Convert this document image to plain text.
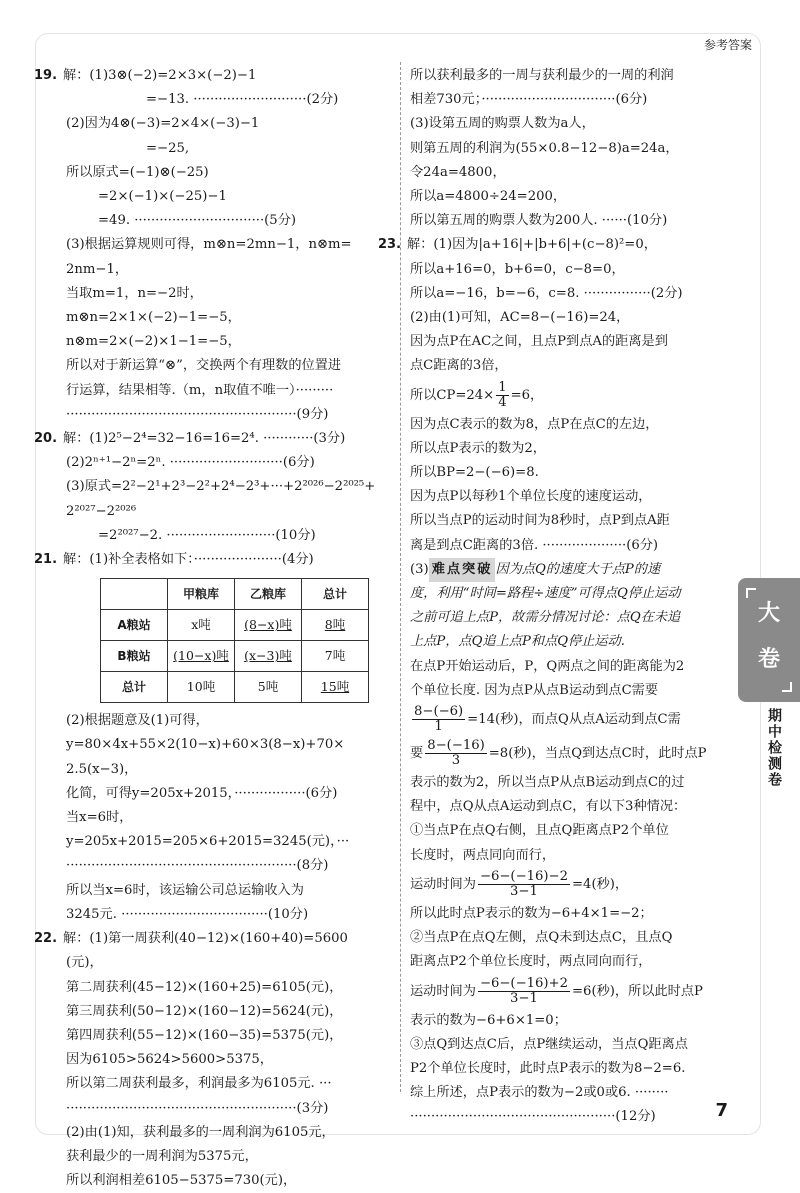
参考答案
19. 解：(1)3⊗(−2)=2×3×(−2)−1
=−13. ···························(2分)
(2)因为4⊗(−3)=2×4×(−3)−1
=−25,
所以原式=(−1)⊗(−25)
=2×(−1)×(−25)−1
=49. ·······························(5分)
(3)根据运算规则可得，m⊗n=2mn−1，n⊗m=
2nm−1，
当取m=1，n=−2时，
m⊗n=2×1×(−2)−1=−5，
n⊗m=2×(−2)×1−1=−5，
所以对于新运算“⊗”，交换两个有理数的位置进
行运算，结果相等.（m，n取值不唯一）·········
·······················································(9分)
20. 解：(1)2⁵−2⁴=32−16=16=2⁴. ············(3分)
(2)2ⁿ⁺¹−2ⁿ=2ⁿ. ···························(6分)
(3)原式=2²−2¹+2³−2²+2⁴−2³+···+2²⁰²⁶−2²⁰²⁵+
2²⁰²⁷−2²⁰²⁶
=2²⁰²⁷−2. ··························(10分)
21. 解：(1)补全表格如下：·····················(4分)
	甲粮库	乙粮库	总计
A粮站	x吨	(8−x)吨	8吨
B粮站	(10−x)吨	(x−3)吨	7吨
总计	10吨	5吨	15吨
(2)根据题意及(1)可得，
y=80×4x+55×2(10−x)+60×3(8−x)+70×
2.5(x−3)，
化简，可得y=205x+2015，·················(6分)
当x=6时，
y=205x+2015=205×6+2015=3245(元)，···
·······················································(8分)
所以当x=6时，该运输公司总运输收入为
3245元. ···································(10分)
22. 解：(1)第一周获利(40−12)×(160+40)=5600
(元)，
第二周获利(45−12)×(160+25)=6105(元)，
第三周获利(50−12)×(160−12)=5624(元)，
第四周获利(55−12)×(160−35)=5375(元)，
因为6105>5624>5600>5375，
所以第二周获利最多，利润最多为6105元. ···
·······················································(3分)
(2)由(1)知，获利最多的一周利润为6105元，
获利最少的一周利润为5375元，
所以利润相差6105−5375=730(元)，
所以获利最多的一周与获利最少的一周的利润
相差730元；································(6分)
(3)设第五周的购票人数为a人，
则第五周的利润为(55×0.8−12−8)a=24a，
令24a=4800，
所以a=4800÷24=200，
所以第五周的购票人数为200人. ······(10分)
23. 解：(1)因为|a+16|+|b+6|+(c−8)²=0，
所以a+16=0，b+6=0，c−8=0，
所以a=−16，b=−6，c=8. ················(2分)
(2)由(1)可知，AC=8−(−16)=24，
因为点P在AC之间，且点P到点A的距离是到
点C距离的3倍，
所以$CP=24\times \frac{1}{4} =6$，
因为点C表示的数为8，点P在点C的左边，
所以点P表示的数为2，
所以BP=2−(−6)=8.
因为点P以每秒1个单位长度的速度运动，
所以当点P的运动时间为8秒时，点P到点A距
离是到点C距离的3倍. ····················(6分)
(3) 难点突破 因为点Q的速度大于点P的速
度，利用“时间=路程÷速度”可得点Q停止运动
之前可追上点P，故需分情况讨论：点Q在未追
上点P，点Q追上点P和点Q停止运动.
在点P开始运动后，P，Q两点之间的距离能为2
个单位长度. 因为点P从点B运动到点C需要
$\frac{8-(-6)}{1} =14$(秒)，而点Q从点A运动到点C需
要 $\frac{8-(-16)}{3} =8$(秒)，当点Q到达点C时，此时点P
表示的数为2，所以当点P从点B运动到点C的过
程中，点Q从点A运动到点C，有以下3种情况：
①当点P在点Q右侧，且点Q距离点P2个单位
长度时，两点同向而行，
运动时间为 $\frac{-6-(-16)-2}{3-1} =4$(秒)，
所以此时点P表示的数为−6+4×1=−2；
②当点P在点Q左侧，点Q未到达点C，且点Q
距离点P2个单位长度时，两点同向而行，
运动时间为 $\frac{-6-(-16)+2}{3-1} =6$(秒)，所以此时点P
表示的数为−6+6×1=0；
③点Q到达点C后，点P继续运动，当点Q距离点
P2个单位长度时，此时点P表示的数为8−2=6.
综上所述，点P表示的数为−2或0或6. ········
·················································(12分)
大
卷
期中检测卷
7
